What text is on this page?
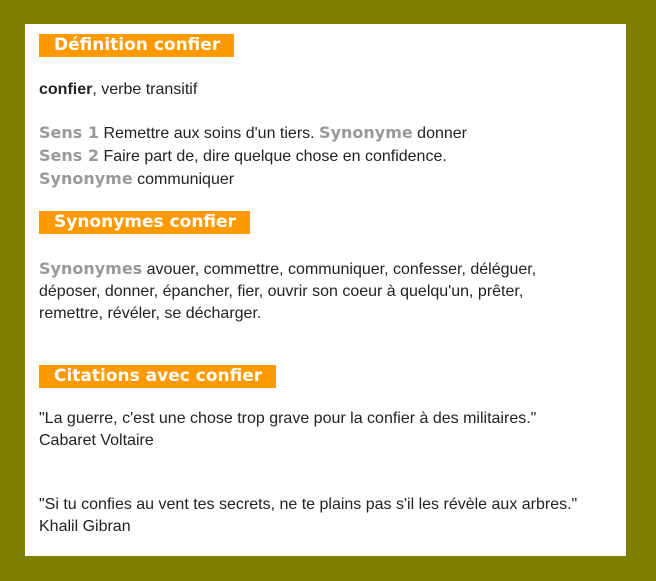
Définition confier
confier, verbe transitif
Sens 1 Remettre aux soins d'un tiers. Synonyme donner
Sens 2 Faire part de, dire quelque chose en confidence.
Synonyme communiquer
Synonymes confier
Synonymes avouer, commettre, communiquer, confesser, déléguer, déposer, donner, épancher, fier, ouvrir son coeur à quelqu'un, prêter, remettre, révéler, se décharger.
Citations avec confier
"La guerre, c'est une chose trop grave pour la confier à des militaires."
Cabaret Voltaire
"Si tu confies au vent tes secrets, ne te plains pas s'il les révèle aux arbres."
Khalil Gibran
